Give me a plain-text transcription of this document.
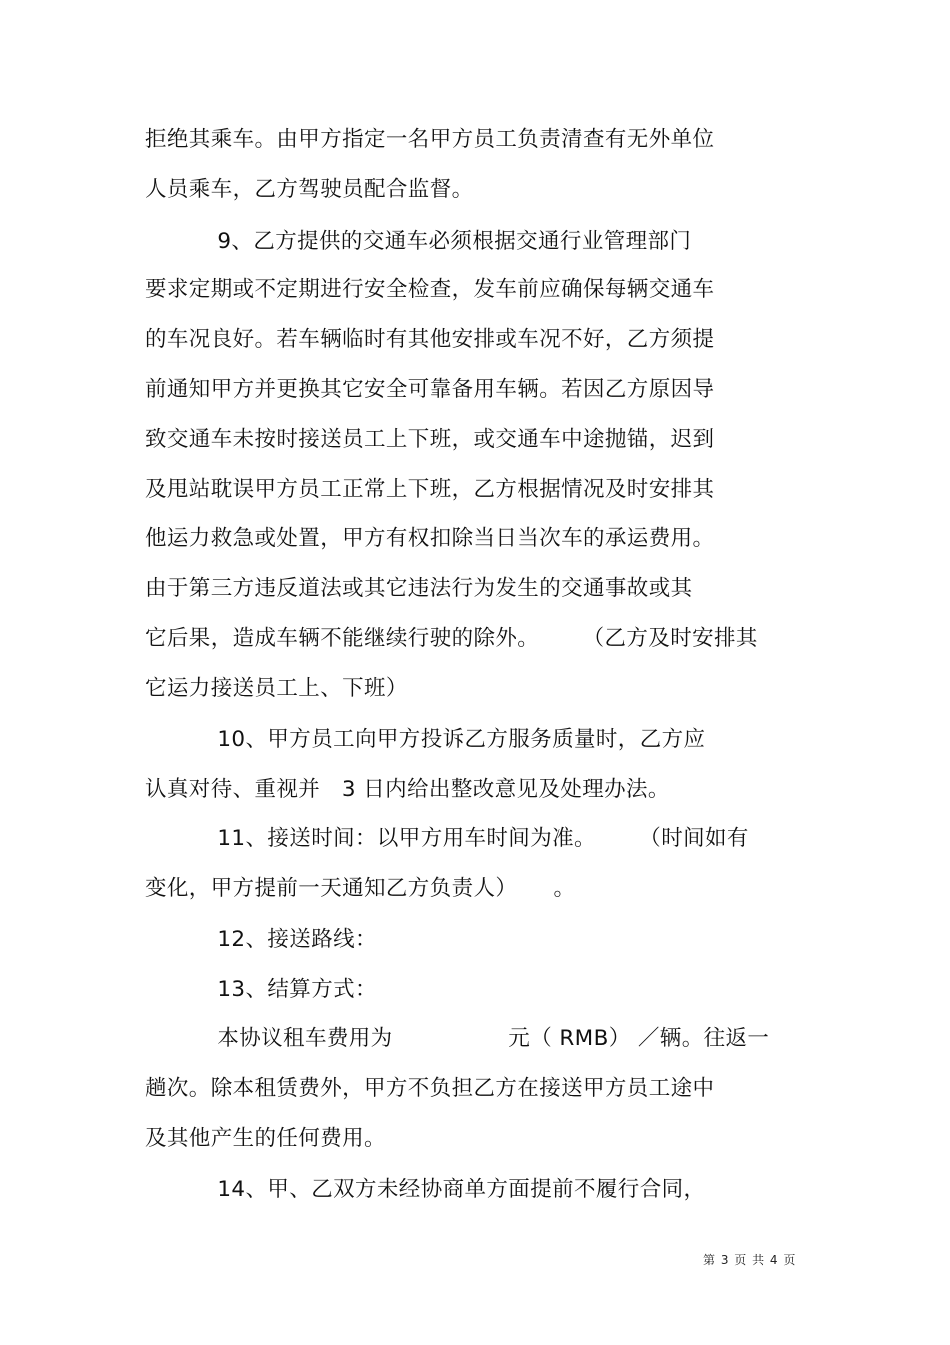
拒绝其乘车。由甲方指定一名甲方员工负责清查有无外单位
人员乘车，乙方驾驶员配合监督。
9、乙方提供的交通车必须根据交通行业管理部门
要求定期或不定期进行安全检查，发车前应确保每辆交通车
的车况良好。若车辆临时有其他安排或车况不好，乙方须提
前通知甲方并更换其它安全可靠备用车辆。若因乙方原因导
致交通车未按时接送员工上下班，或交通车中途抛锚，迟到
及甩站耽误甲方员工正常上下班，乙方根据情况及时安排其
他运力救急或处置，甲方有权扣除当日当次车的承运费用。
由于第三方违反道法或其它违法行为发生的交通事故或其
它后果，造成车辆不能继续行驶的除外。      （乙方及时安排其
它运力接送员工上、下班）
10、甲方员工向甲方投诉乙方服务质量时，乙方应
认真对待、重视并   3 日内给出整改意见及处理办法。
11、接送时间：以甲方用车时间为准。      （时间如有
变化，甲方提前一天通知乙方负责人）     。
12、接送路线：
13、结算方式：
本协议租车费用为                元（ RMB） ／辆。往返一
趟次。除本租赁费外，甲方不负担乙方在接送甲方员工途中
及其他产生的任何费用。
14、甲、乙双方未经协商单方面提前不履行合同，
第 3 页 共 4 页
